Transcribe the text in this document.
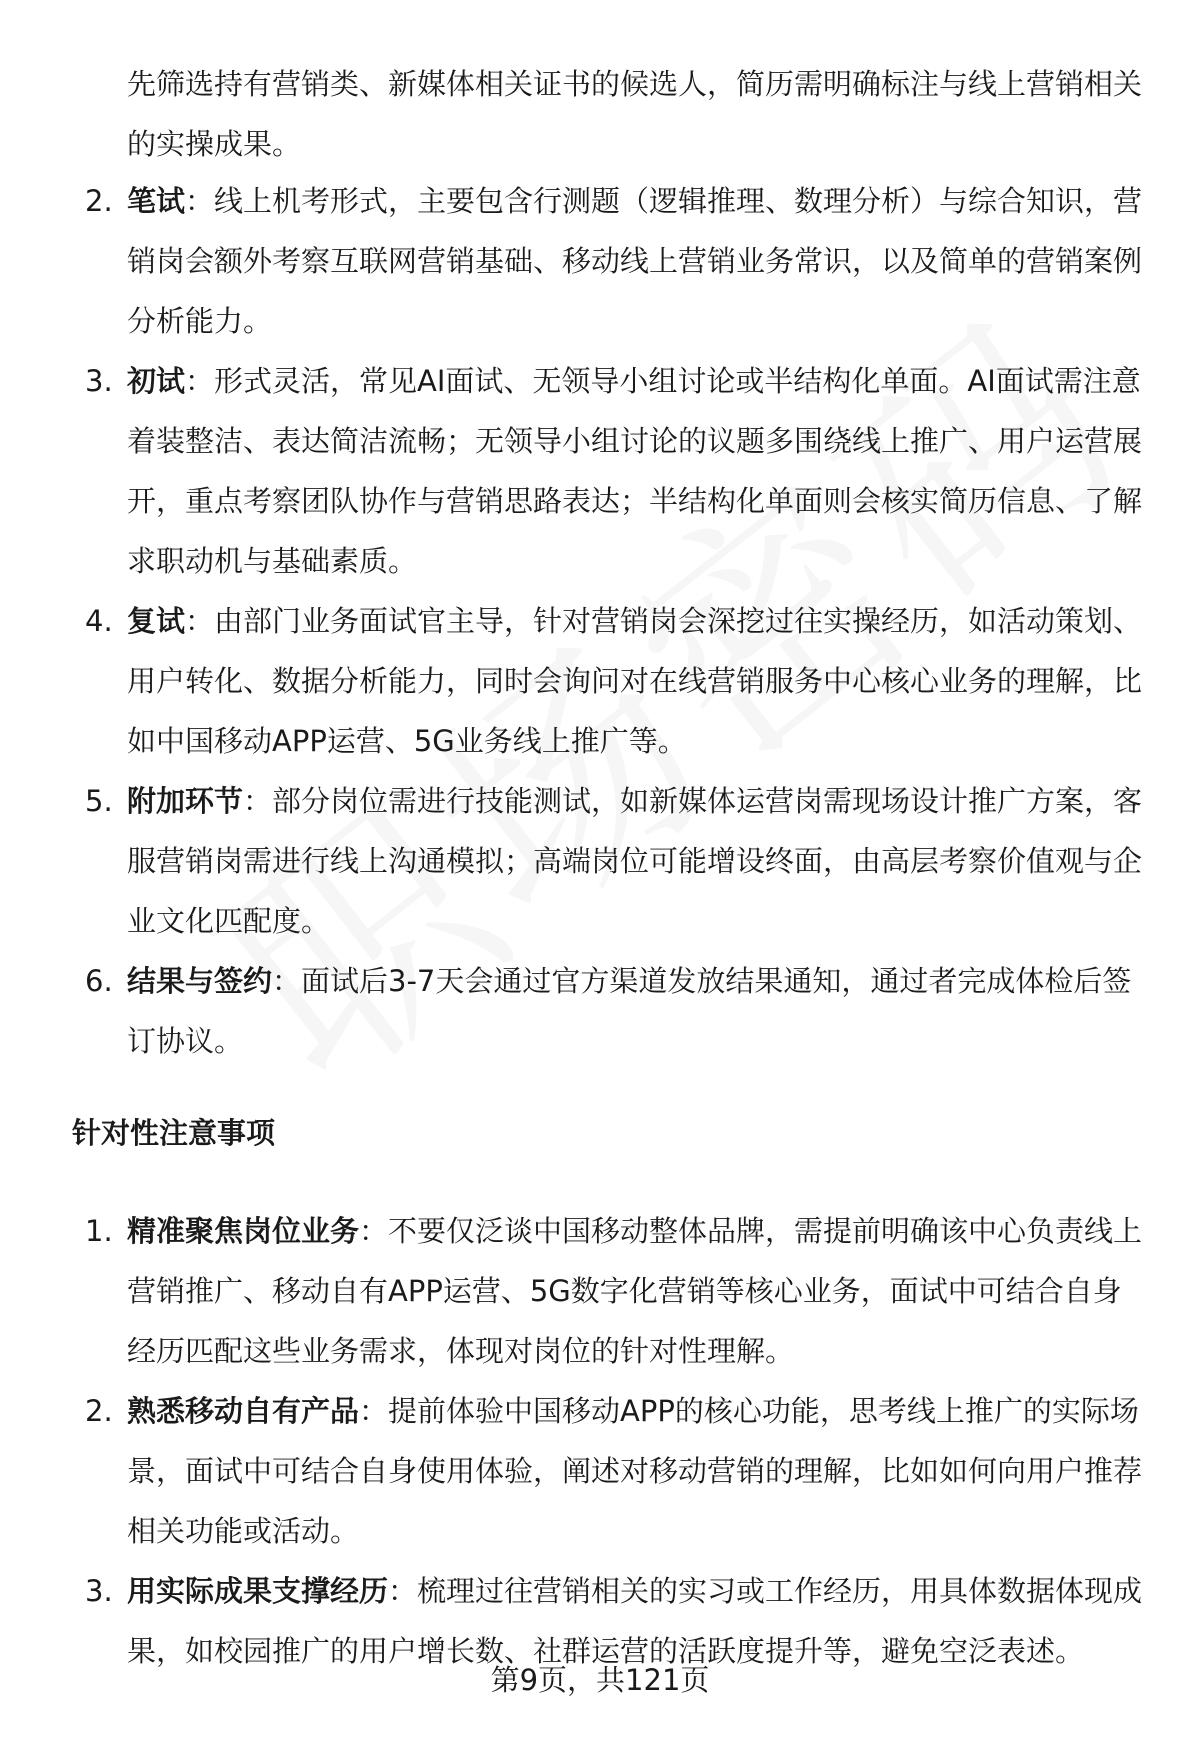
先筛选持有营销类、新媒体相关证书的候选人，简历需明确标注与线上营销相关的实操成果。

2. 笔试：线上机考形式，主要包含行测题（逻辑推理、数理分析）与综合知识，营销岗会额外考察互联网营销基础、移动线上营销业务常识，以及简单的营销案例分析能力。
3. 初试：形式灵活，常见AI面试、无领导小组讨论或半结构化单面。AI面试需注意着装整洁、表达简洁流畅；无领导小组讨论的议题多围绕线上推广、用户运营展开，重点考察团队协作与营销思路表达；半结构化单面则会核实简历信息、了解求职动机与基础素质。
4. 复试：由部门业务面试官主导，针对营销岗会深挖过往实操经历，如活动策划、用户转化、数据分析能力，同时会询问对在线营销服务中心核心业务的理解，比如中国移动APP运营、5G业务线上推广等。
5. 附加环节：部分岗位需进行技能测试，如新媒体运营岗需现场设计推广方案，客服营销岗需进行线上沟通模拟；高端岗位可能增设终面，由高层考察价值观与企业文化匹配度。
6. 结果与签约：面试后3-7天会通过官方渠道发放结果通知，通过者完成体检后签订协议。
针对性注意事项
1. 精准聚焦岗位业务：不要仅泛谈中国移动整体品牌，需提前明确该中心负责线上营销推广、移动自有APP运营、5G数字化营销等核心业务，面试中可结合自身经历匹配这些业务需求，体现对岗位的针对性理解。
2. 熟悉移动自有产品：提前体验中国移动APP的核心功能，思考线上推广的实际场景，面试中可结合自身使用体验，阐述对移动营销的理解，比如如何向用户推荐相关功能或活动。
3. 用实际成果支撑经历：梳理过往营销相关的实习或工作经历，用具体数据体现成果，如校园推广的用户增长数、社群运营的活跃度提升等，避免空泛表述。
第9页，共121页
